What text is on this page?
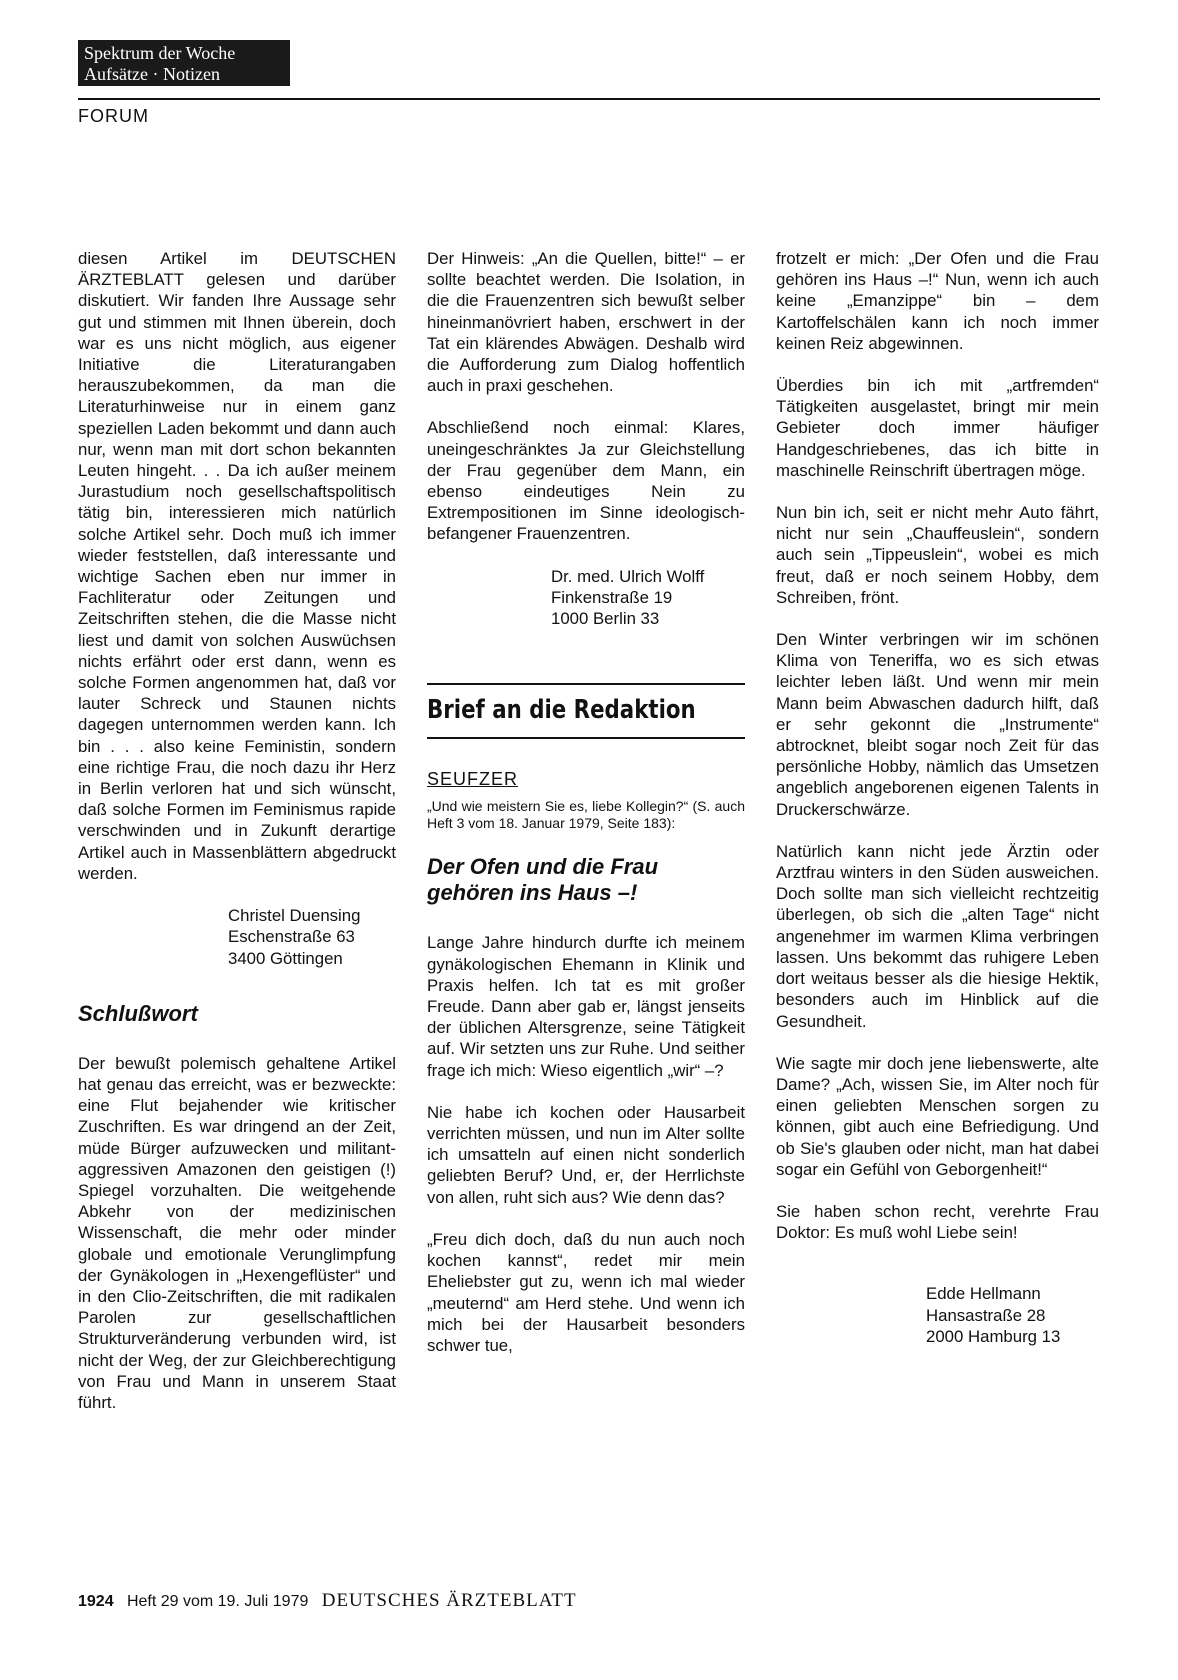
Spektrum der Woche
Aufsätze · Notizen
FORUM

diesen Artikel im DEUTSCHEN ÄRZTEBLATT gelesen und darüber diskutiert. Wir fanden Ihre Aussage sehr gut und stimmen mit Ihnen überein, doch war es uns nicht möglich, aus eigener Initiative die Literaturangaben herauszubekommen, da man die Literaturhinweise nur in einem ganz speziellen Laden bekommt und dann auch nur, wenn man mit dort schon bekannten Leuten hingeht. . . Da ich außer meinem Jurastudium noch gesellschaftspolitisch tätig bin, interessieren mich natürlich solche Artikel sehr. Doch muß ich immer wieder feststellen, daß interessante und wichtige Sachen eben nur immer in Fachliteratur oder Zeitungen und Zeitschriften stehen, die die Masse nicht liest und damit von solchen Auswüchsen nichts erfährt oder erst dann, wenn es solche Formen angenommen hat, daß vor lauter Schreck und Staunen nichts dagegen unternommen werden kann. Ich bin . . . also keine Feministin, sondern eine richtige Frau, die noch dazu ihr Herz in Berlin verloren hat und sich wünscht, daß solche Formen im Feminismus rapide verschwinden und in Zukunft derartige Artikel auch in Massenblättern abgedruckt werden.

Christel Duensing
Eschenstraße 63
3400 Göttingen
Schlußwort

Der bewußt polemisch gehaltene Artikel hat genau das erreicht, was er bezweckte: eine Flut bejahender wie kritischer Zuschriften. Es war dringend an der Zeit, müde Bürger aufzuwecken und militant-aggressiven Amazonen den geistigen (!) Spiegel vorzuhalten. Die weitgehende Abkehr von der medizinischen Wissenschaft, die mehr oder minder globale und emotionale Verunglimpfung der Gynäkologen in „Hexengeflüster“ und in den Clio-Zeitschriften, die mit radikalen Parolen zur gesellschaftlichen Strukturveränderung verbunden wird, ist nicht der Weg, der zur Gleichberechtigung von Frau und Mann in unserem Staat führt.

Der Hinweis: „An die Quellen, bitte!“ – er sollte beachtet werden. Die Isolation, in die die Frauenzentren sich bewußt selber hineinmanövriert haben, erschwert in der Tat ein klärendes Abwägen. Deshalb wird die Aufforderung zum Dialog hoffentlich auch in praxi geschehen.

Abschließend noch einmal: Klares, uneingeschränktes Ja zur Gleichstellung der Frau gegenüber dem Mann, ein ebenso eindeutiges Nein zu Extrempositionen im Sinne ideologisch-befangener Frauenzentren.

Dr. med. Ulrich Wolff
Finkenstraße 19
1000 Berlin 33
Brief an die Redaktion
SEUFZER
„Und wie meistern Sie es, liebe Kollegin?“ (S. auch Heft 3 vom 18. Januar 1979, Seite 183):
Der Ofen und die Frau gehören ins Haus –!

Lange Jahre hindurch durfte ich meinem gynäkologischen Ehemann in Klinik und Praxis helfen. Ich tat es mit großer Freude. Dann aber gab er, längst jenseits der üblichen Altersgrenze, seine Tätigkeit auf. Wir setzten uns zur Ruhe. Und seither frage ich mich: Wieso eigentlich „wir“ –?

Nie habe ich kochen oder Hausarbeit verrichten müssen, und nun im Alter sollte ich umsatteln auf einen nicht sonderlich geliebten Beruf? Und, er, der Herrlichste von allen, ruht sich aus? Wie denn das?

„Freu dich doch, daß du nun auch noch kochen kannst“, redet mir mein Eheliebster gut zu, wenn ich mal wieder „meuternd“ am Herd stehe. Und wenn ich mich bei der Hausarbeit besonders schwer tue,

frotzelt er mich: „Der Ofen und die Frau gehören ins Haus –!“ Nun, wenn ich auch keine „Emanzippe“ bin – dem Kartoffelschälen kann ich noch immer keinen Reiz abgewinnen.

Überdies bin ich mit „artfremden“ Tätigkeiten ausgelastet, bringt mir mein Gebieter doch immer häufiger Handgeschriebenes, das ich bitte in maschinelle Reinschrift übertragen möge.

Nun bin ich, seit er nicht mehr Auto fährt, nicht nur sein „Chauffeuslein“, sondern auch sein „Tippeuslein“, wobei es mich freut, daß er noch seinem Hobby, dem Schreiben, frönt.

Den Winter verbringen wir im schönen Klima von Teneriffa, wo es sich etwas leichter leben läßt. Und wenn mir mein Mann beim Abwaschen dadurch hilft, daß er sehr gekonnt die „Instrumente“ abtrocknet, bleibt sogar noch Zeit für das persönliche Hobby, nämlich das Umsetzen angeblich angeborenen eigenen Talents in Druckerschwärze.

Natürlich kann nicht jede Ärztin oder Arztfrau winters in den Süden ausweichen. Doch sollte man sich vielleicht rechtzeitig überlegen, ob sich die „alten Tage“ nicht angenehmer im warmen Klima verbringen lassen. Uns bekommt das ruhigere Leben dort weitaus besser als die hiesige Hektik, besonders auch im Hinblick auf die Gesundheit.

Wie sagte mir doch jene liebenswerte, alte Dame? „Ach, wissen Sie, im Alter noch für einen geliebten Menschen sorgen zu können, gibt auch eine Befriedigung. Und ob Sie's glauben oder nicht, man hat dabei sogar ein Gefühl von Geborgenheit!“

Sie haben schon recht, verehrte Frau Doktor: Es muß wohl Liebe sein!

Edde Hellmann
Hansastraße 28
2000 Hamburg 13
1924 Heft 29 vom 19. Juli 1979 DEUTSCHES ÄRZTEBLATT
